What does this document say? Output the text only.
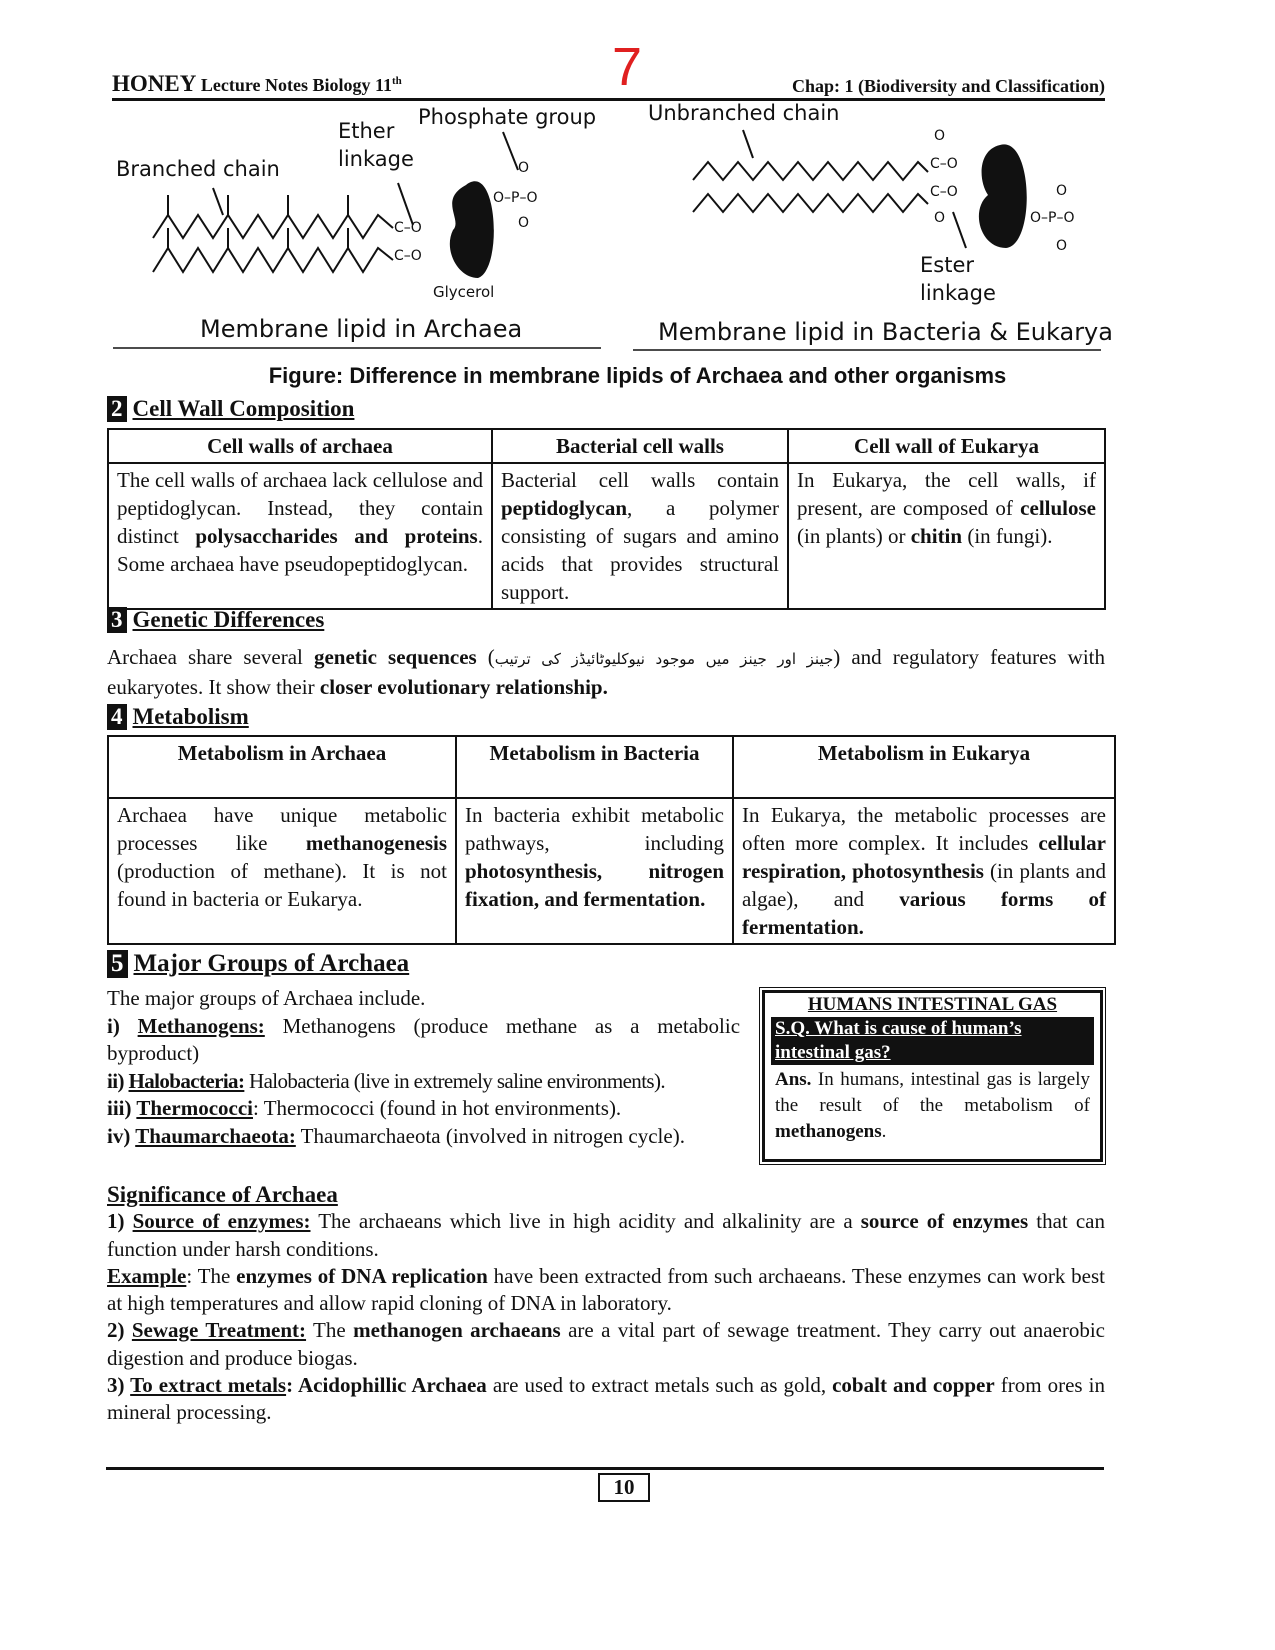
7
HONEY Lecture Notes Biology 11th	Chap: 1 (Biodiversity and Classification)
C–O
C–O
O–P–O
O
O
C–O
C–O
O
O	O–P–O
O
O
Branched chain
Ether
linkage
Phosphate group Unbranched chain
Ester
linkage
Membrane lipid in Archaea	Membrane lipid in Bacteria & Eukarya
Glycerol
Figure: Difference in membrane lipids of Archaea and other organisms
2 Cell Wall Composition
Cell walls of archaea	Bacterial cell walls	Cell wall of Eukarya
The cell walls of archaea lack cellulose and peptidoglycan. Instead, they contain distinct polysaccharides and proteins. Some archaea have pseudopeptidoglycan.	Bacterial cell walls contain peptidoglycan, a polymer consisting of sugars and amino acids that provides structural support.	In Eukarya, the cell walls, if present, are composed of cellulose (in plants) or chitin (in fungi).
3 Genetic Differences
Archaea share several genetic sequences (جینز اور جینز میں موجود نیوکلیوٹائیڈز کی ترتیب) and regulatory features with eukaryotes. It show their closer evolutionary relationship.
4 Metabolism
Metabolism in Archaea	Metabolism in Bacteria	Metabolism in Eukarya
Archaea have unique metabolic processes like methanogenesis (production of methane). It is not found in bacteria or Eukarya.	In bacteria exhibit metabolic pathways, including photosynthesis, nitrogen fixation, and fermentation.	In Eukarya, the metabolic processes are often more complex. It includes cellular respiration, photosynthesis (in plants and algae), and various forms of fermentation.
5 Major Groups of Archaea
The major groups of Archaea include.
i) Methanogens: Methanogens (produce methane as a metabolic byproduct)
ii) Halobacteria: Halobacteria (live in extremely saline environments).
iii) Thermococci: Thermococci (found in hot environments).
iv) Thaumarchaeota: Thaumarchaeota (involved in nitrogen cycle).
HUMANS INTESTINAL GAS
S.Q. What is cause of human’s intestinal gas?
Ans. In humans, intestinal gas is largely the result of the metabolism of methanogens.
Significance of Archaea
1) Source of enzymes: The archaeans which live in high acidity and alkalinity are a source of enzymes that can function under harsh conditions.
Example: The enzymes of DNA replication have been extracted from such archaeans. These enzymes can work best at high temperatures and allow rapid cloning of DNA in laboratory.
2) Sewage Treatment: The methanogen archaeans are a vital part of sewage treatment. They carry out anaerobic digestion and produce biogas.
3) To extract metals: Acidophillic Archaea are used to extract metals such as gold, cobalt and copper from ores in mineral processing.
10
